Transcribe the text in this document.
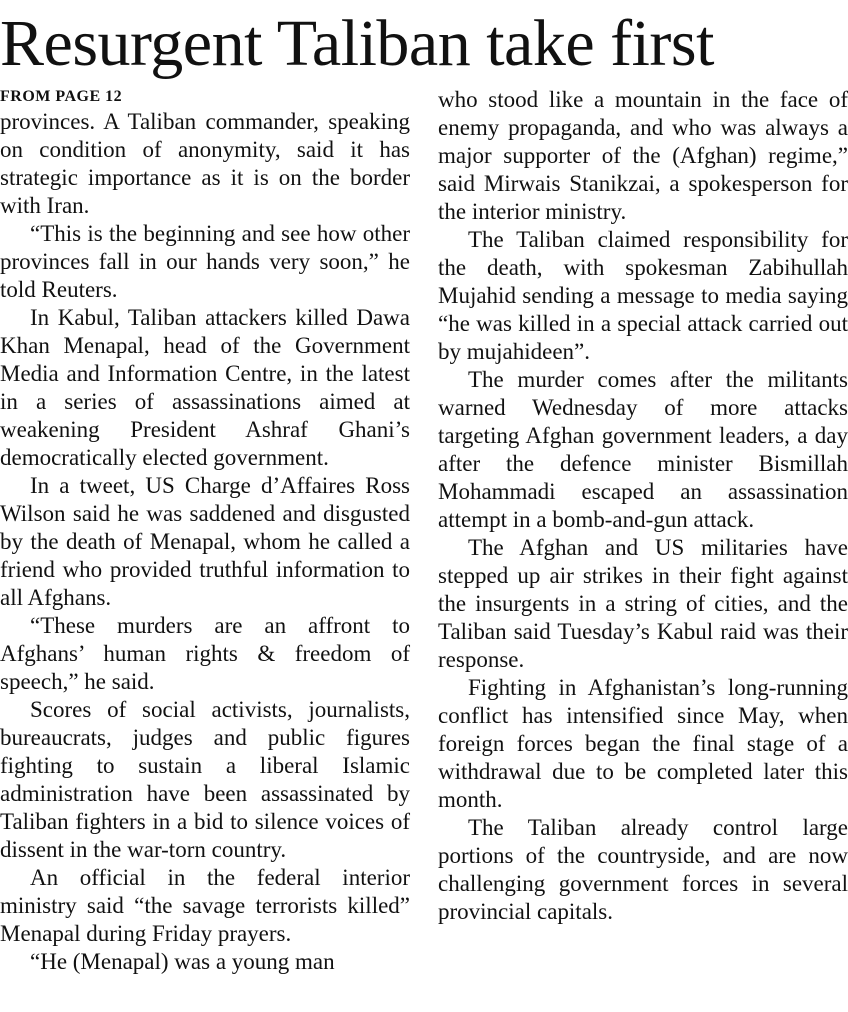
Resurgent Taliban take first
FROM PAGE 12

provinces. A Taliban commander, speaking on condition of anonymity, said it has strategic importance as it is on the border with Iran.

“This is the beginning and see how other provinces fall in our hands very soon,” he told Reuters.

In Kabul, Taliban attackers killed Dawa Khan Menapal, head of the Government Media and Information Centre, in the latest in a series of assassinations aimed at weakening President Ashraf Ghani’s democratically elected government.

In a tweet, US Charge d’Affaires Ross Wilson said he was saddened and disgusted by the death of Menapal, whom he called a friend who provided truthful information to all Afghans.

“These murders are an affront to Afghans’ human rights & freedom of speech,” he said.

Scores of social activists, journalists, bureaucrats, judges and public figures fighting to sustain a liberal Islamic administration have been assassinated by Taliban fighters in a bid to silence voices of dissent in the war-torn country.

An official in the federal interior ministry said “the savage terrorists killed” Menapal during Friday prayers.

“He (Menapal) was a young man

who stood like a mountain in the face of enemy propaganda, and who was always a major supporter of the (Afghan) regime,” said Mirwais Stanikzai, a spokesperson for the interior ministry.

The Taliban claimed responsibility for the death, with spokesman Zabihullah Mujahid sending a message to media saying “he was killed in a special attack carried out by mujahideen”.

The murder comes after the militants warned Wednesday of more attacks targeting Afghan government leaders, a day after the defence minister Bismillah Mohammadi escaped an assassination attempt in a bomb-and-gun attack.

The Afghan and US militaries have stepped up air strikes in their fight against the insurgents in a string of cities, and the Taliban said Tuesday’s Kabul raid was their response.

Fighting in Afghanistan’s long-running conflict has intensified since May, when foreign forces began the final stage of a withdrawal due to be completed later this month.

The Taliban already control large portions of the countryside, and are now challenging government forces in several provincial capitals.
